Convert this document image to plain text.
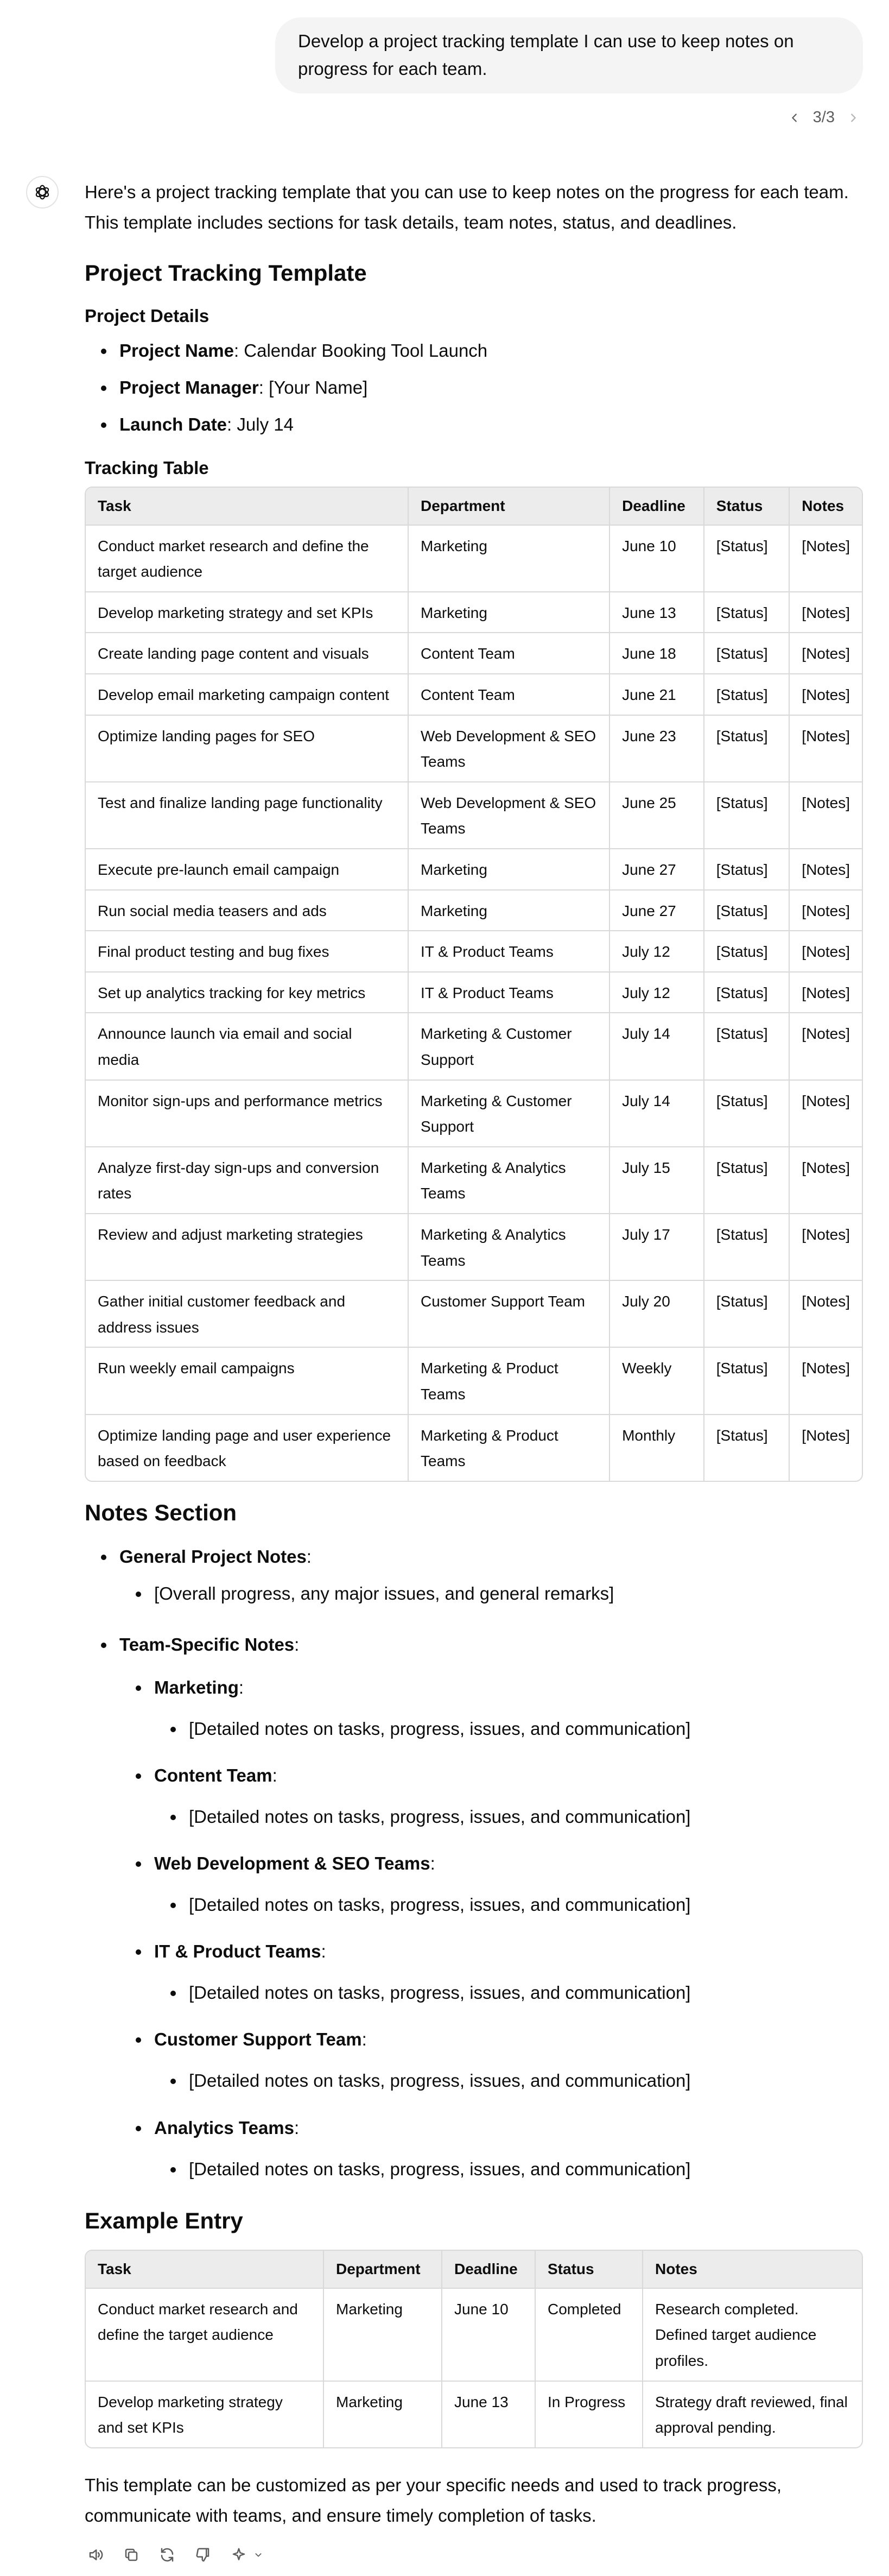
Develop a project tracking template I can use to keep notes on progress for each team.
3/3

Here's a project tracking template that you can use to keep notes on the progress for each team. This template includes sections for task details, team notes, status, and deadlines.

Project Tracking Template
Project Details
Project Name: Calendar Booking Tool Launch
Project Manager: [Your Name]
Launch Date: July 14
Tracking Table
Task	Department	Deadline	Status	Notes
Conduct market research and define the target audience	Marketing	June 10	[Status]	[Notes]
Develop marketing strategy and set KPIs	Marketing	June 13	[Status]	[Notes]
Create landing page content and visuals	Content Team	June 18	[Status]	[Notes]
Develop email marketing campaign content	Content Team	June 21	[Status]	[Notes]
Optimize landing pages for SEO	Web Development & SEO Teams	June 23	[Status]	[Notes]
Test and finalize landing page functionality	Web Development & SEO Teams	June 25	[Status]	[Notes]
Execute pre-launch email campaign	Marketing	June 27	[Status]	[Notes]
Run social media teasers and ads	Marketing	June 27	[Status]	[Notes]
Final product testing and bug fixes	IT & Product Teams	July 12	[Status]	[Notes]
Set up analytics tracking for key metrics	IT & Product Teams	July 12	[Status]	[Notes]
Announce launch via email and social media	Marketing & Customer Support	July 14	[Status]	[Notes]
Monitor sign-ups and performance metrics	Marketing & Customer Support	July 14	[Status]	[Notes]
Analyze first-day sign-ups and conversion rates	Marketing & Analytics Teams	July 15	[Status]	[Notes]
Review and adjust marketing strategies	Marketing & Analytics Teams	July 17	[Status]	[Notes]
Gather initial customer feedback and address issues	Customer Support Team	July 20	[Status]	[Notes]
Run weekly email campaigns	Marketing & Product Teams	Weekly	[Status]	[Notes]
Optimize landing page and user experience based on feedback	Marketing & Product Teams	Monthly	[Status]	[Notes]
Notes Section
General Project Notes:
[Overall progress, any major issues, and general remarks]
Team-Specific Notes:
Marketing:
[Detailed notes on tasks, progress, issues, and communication]
Content Team:
[Detailed notes on tasks, progress, issues, and communication]
Web Development & SEO Teams:
[Detailed notes on tasks, progress, issues, and communication]
IT & Product Teams:
[Detailed notes on tasks, progress, issues, and communication]
Customer Support Team:
[Detailed notes on tasks, progress, issues, and communication]
Analytics Teams:
[Detailed notes on tasks, progress, issues, and communication]
Example Entry
Task	Department	Deadline	Status	Notes
Conduct market research and define the target audience	Marketing	June 10	Completed	Research completed. Defined target audience profiles.
Develop marketing strategy and set KPIs	Marketing	June 13	In Progress	Strategy draft reviewed, final approval pending.

This template can be customized as per your specific needs and used to track progress, communicate with teams, and ensure timely completion of tasks.
